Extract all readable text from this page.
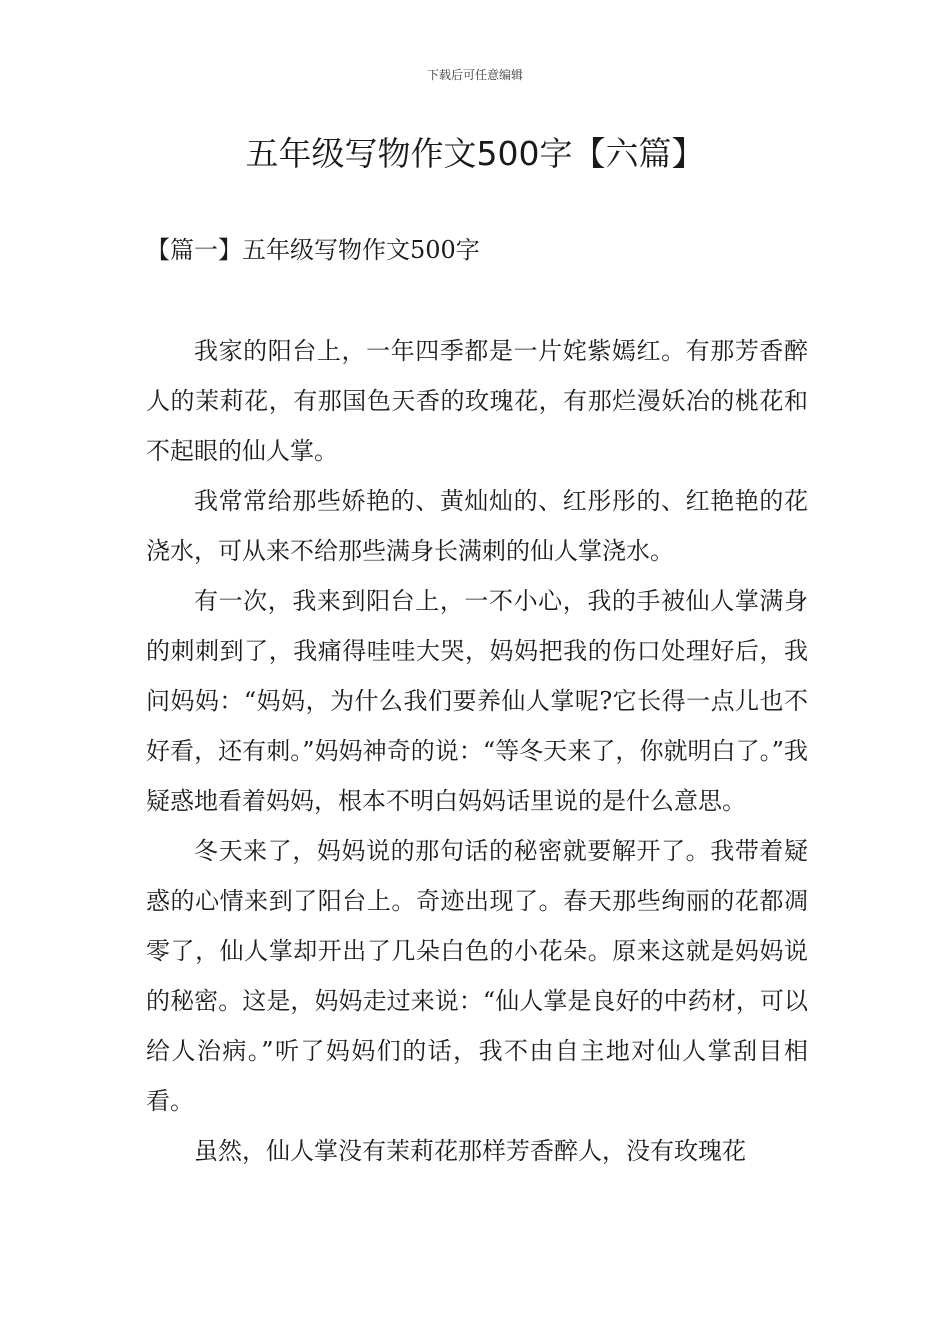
下载后可任意编辑
五年级写物作文500字【六篇】
【篇一】五年级写物作文500字

我家的阳台上，一年四季都是一片姹紫嫣红。有那芳香醉人的茉莉花，有那国色天香的玫瑰花，有那烂漫妖冶的桃花和不起眼的仙人掌。

我常常给那些娇艳的、黄灿灿的、红彤彤的、红艳艳的花浇水，可从来不给那些满身长满刺的仙人掌浇水。

有一次，我来到阳台上，一不小心，我的手被仙人掌满身的刺刺到了，我痛得哇哇大哭，妈妈把我的伤口处理好后，我问妈妈：“妈妈，为什么我们要养仙人掌呢?它长得一点儿也不好看，还有刺。”妈妈神奇的说：“等冬天来了，你就明白了。”我疑惑地看着妈妈，根本不明白妈妈话里说的是什么意思。

冬天来了，妈妈说的那句话的秘密就要解开了。我带着疑惑的心情来到了阳台上。奇迹出现了。春天那些绚丽的花都凋零了，仙人掌却开出了几朵白色的小花朵。原来这就是妈妈说的秘密。这是，妈妈走过来说：“仙人掌是良好的中药材，可以给人治病。”听了妈妈们的话，我不由自主地对仙人掌刮目相看。

虽然，仙人掌没有茉莉花那样芳香醉人，没有玫瑰花
